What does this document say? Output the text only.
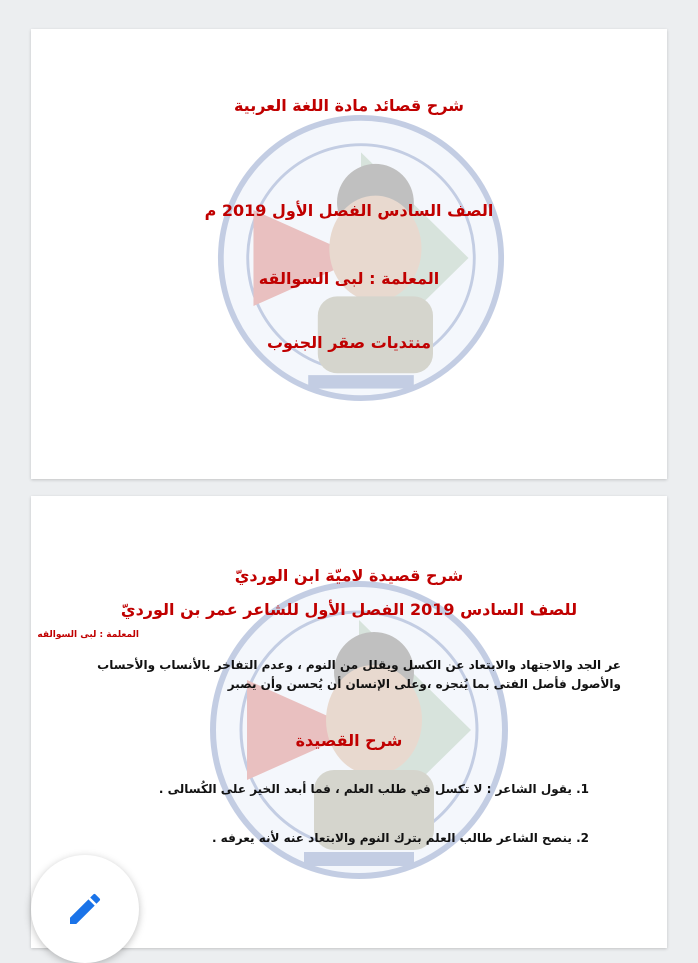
شرح قصائد مادة اللغة العربية
الصف السادس الفصل الأول 2019 م
المعلمة : لبى السوالقه
منتديات صقر الجنوب
شرح قصيدة لاميّة ابن الورديّ
للصف السادس 2019 الفصل الأول للشاعر عمر بن الورديّ
المعلمة : لبى السوالقه
عر الجد والاجتهاد والابتعاد عن الكسل ويقلل من النوم ، وعدم التفاخر بالأنساب والأحساب والأصول فأصل الفتى بما يُنجزه ،وعلى الإنسان أن يُحسن وأن يصبر
شرح القصيدة
1. يقول الشاعر : لا تكسل في طلب العلم ، فما أبعد الخير على الكُسالى .
2. ينصح الشاعر طالب العلم بترك النوم والابتعاد عنه لأنه يعرفه .
